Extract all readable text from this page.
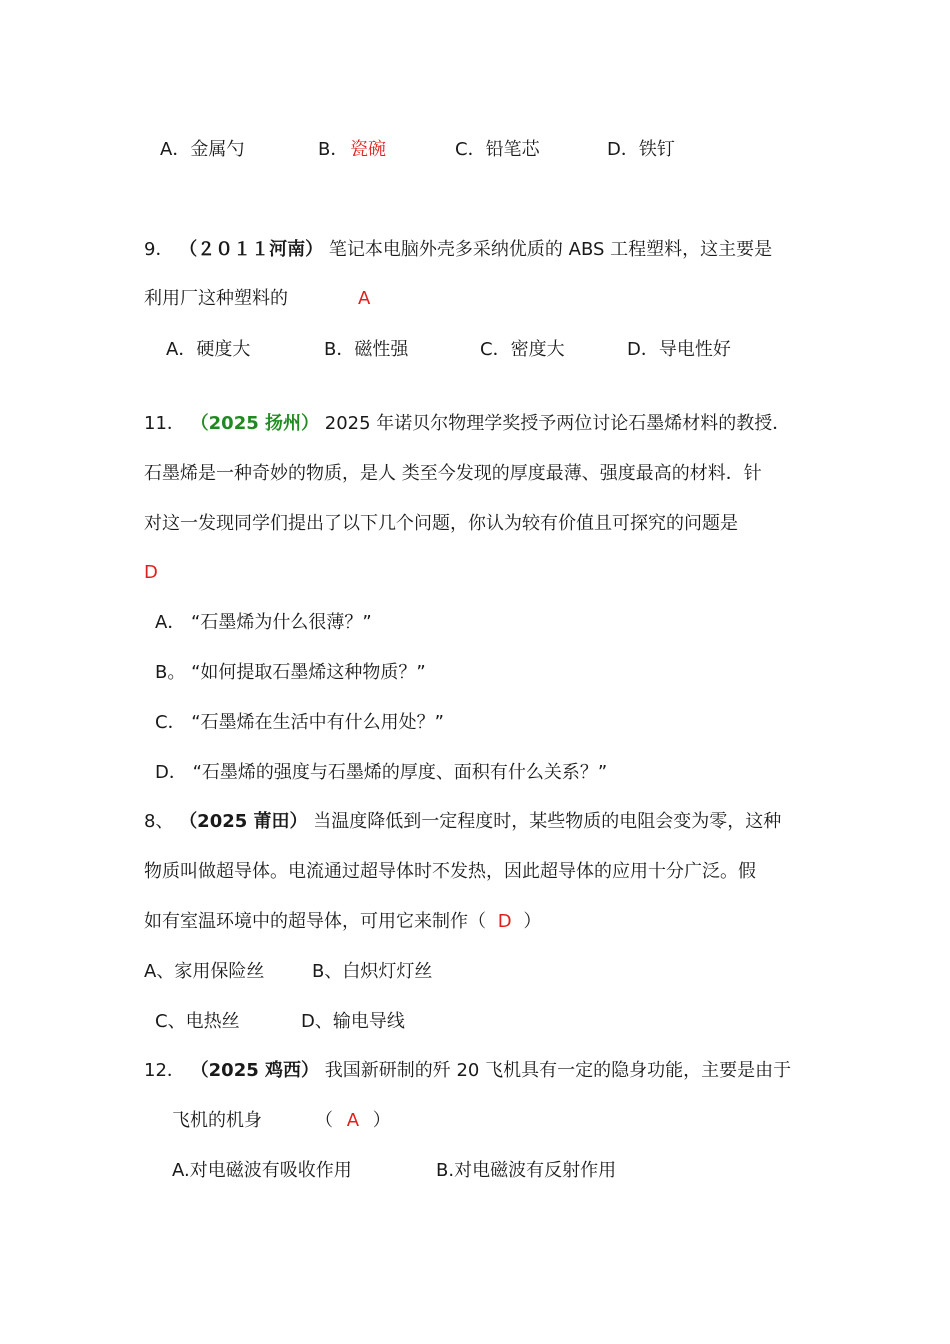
A．金属勺	B． 瓷碗	C．铅笔芯	D．铁钉
9． （２０１１河南） 笔记本电脑外壳多采纳优质的 ABS 工程塑料，这主要是
利用厂这种塑料的	A
A．硬度大	B．磁性强	C．密度大	D．导电性好
11． （2025 扬州） 2025 年诺贝尔物理学奖授予两位讨论石墨烯材料的教授．
石墨烯是一种奇妙的物质，是人 类至今发现的厚度最薄、强度最高的材料．针
对这一发现同学们提出了以下几个问题，你认为较有价值且可探究的问题是
D
A． “石墨烯为什么很薄？”
B。 “如何提取石墨烯这种物质？”
C． “石墨烯在生活中有什么用处？”
D． “石墨烯的强度与石墨烯的厚度、面积有什么关系？”
8、 （2025 莆田） 当温度降低到一定程度时，某些物质的电阻会变为零，这种
物质叫做超导体。电流通过超导体时不发热，因此超导体的应用十分广泛。假
如有室温环境中的超导体，可用它来制作（ D ）
A、家用保险丝	B、白炽灯灯丝
C、电热丝	D、输电导线
12． （2025 鸡西） 我国新研制的歼 20 飞机具有一定的隐身功能，主要是由于
飞机的机身	（ A ）
A.对电磁波有吸收作用	B.对电磁波有反射作用
